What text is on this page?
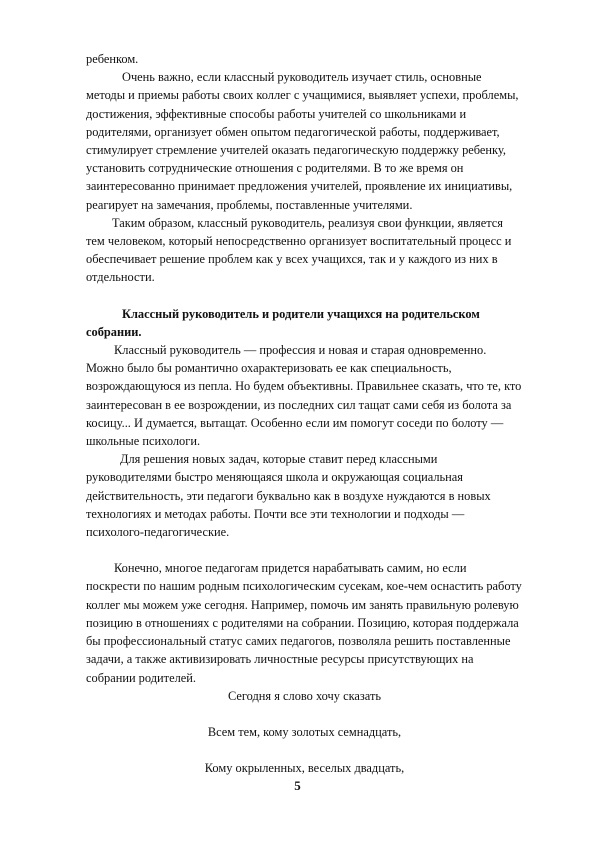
ребенком.

Очень важно, если классный руководитель изучает стиль, основные методы и приемы работы своих коллег с учащимися, выявляет успехи, проблемы, достижения, эффективные способы работы учителей со школьниками и родителями, организует обмен опытом педагогической работы, поддерживает, стимулирует стремление учителей оказать педагогическую поддержку ребенку, установить сотруднические отношения с родителями. В то же время он заинтересованно принимает предложения учителей, проявление их инициативы, реагирует на замечания, проблемы, поставленные учителями.

Таким образом, классный руководитель, реализуя свои функции, является тем человеком, который непосредственно организует воспитательный процесс и обеспечивает решение проблем как у всех учащихся, так и у каждого из них в отдельности.

Классный руководитель и родители учащихся на родительском собрании.

Классный руководитель — профессия и новая и старая одновременно. Можно было бы романтично охарактеризовать ее как специальность, возрождающуюся из пепла. Но будем объективны. Правильнее сказать, что те, кто заинтересован в ее возрождении, из последних сил тащат сами себя из болота за косицу... И думается, вытащат. Особенно если им помогут соседи по болоту — школьные психологи.

Для решения новых задач, которые ставит перед классными руководителями быстро меняющаяся школа и окружающая социальная действительность, эти педагоги буквально как в воздухе нуждаются в новых технологиях и методах работы. Почти все эти технологии и подходы — психолого-педагогические.

Конечно, многое педагогам придется нарабатывать самим, но если поскрести по нашим родным психологическим сусекам, кое-чем оснастить работу коллег мы можем уже сегодня. Например, помочь им занять правильную ролевую позицию в отношениях с родителями на собрании. Позицию, которая поддержала бы профессиональный статус самих педагогов, позволяла решить поставленные задачи, а также активизировать личностные ресурсы присутствующих на собрании родителей.

Сегодня я слово хочу сказать

Всем тем, кому золотых семнадцать,

Кому окрыленных, веселых двадцать,

5
